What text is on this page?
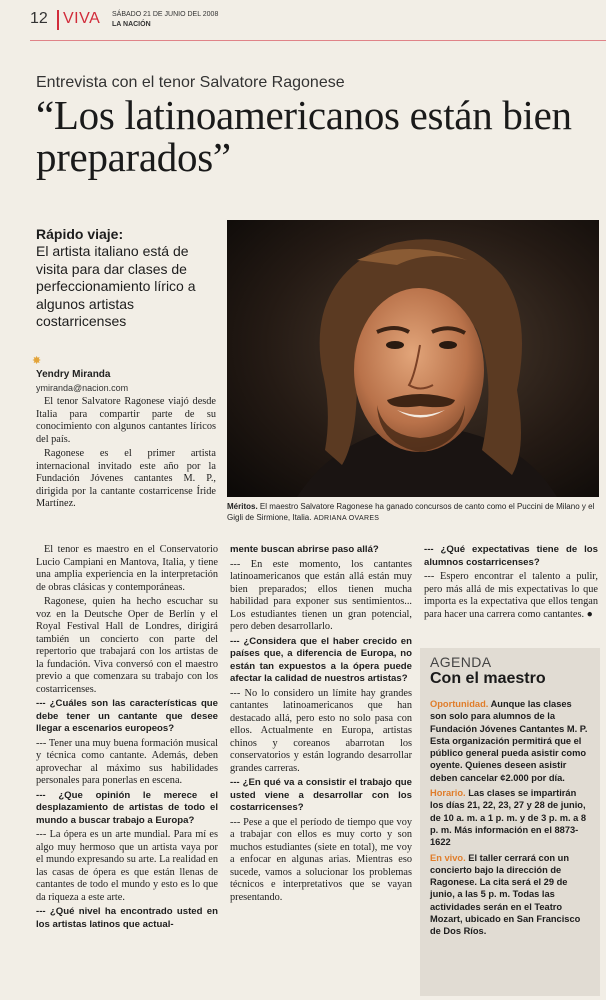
12 VIVA SÁBADO 21 DE JUNIO DEL 2008
LA NACIÓN
Entrevista con el tenor Salvatore Ragonese
“Los latinoamericanos están bien preparados”
Rápido viaje:
El artista italiano está de visita para dar clases de perfeccionamiento lírico a algunos artistas costarricenses
✸
Yendry Miranda
ymiranda@nacion.com
Méritos. El maestro Salvatore Ragonese ha ganado concursos de canto como el Puccini de Milano y el Gigli de Sirmione, Italia. ADRIANA OVARES

El tenor Salvatore Ragonese viajó desde Italia para compartir parte de su conocimiento con algunos cantantes líricos del país.

Ragonese es el primer artista internacional invitado este año por la Fundación Jóvenes cantantes M. P., dirigida por la cantante costarricense Íride Martínez.

El tenor es maestro en el Conservatorio Lucio Campiani en Mantova, Italia, y tiene una amplia experiencia en la interpretación de obras clásicas y contemporáneas.

Ragonese, quien ha hecho escuchar su voz en la Deutsche Oper de Berlín y el Royal Festival Hall de Londres, dirigirá también un concierto con parte del repertorio que trabajará con los artistas de la fundación. Viva conversó con el maestro previo a que comenzara su trabajo con los costarricenses.

--- ¿Cuáles son las características que debe tener un cantante que desee llegar a escenarios europeos?

--- Tener una muy buena formación musical y técnica como cantante. Además, deben aprovechar al máximo sus habilidades personales para ponerlas en escena.

--- ¿Que opinión le merece el desplazamiento de artistas de todo el mundo a buscar trabajo a Europa?

--- La ópera es un arte mundial. Para mí es algo muy hermoso que un artista vaya por el mundo expresando su arte. La realidad en las casas de ópera es que están llenas de cantantes de todo el mundo y esto es lo que da riqueza a este arte.

--- ¿Qué nivel ha encontrado usted en los artistas latinos que actual-

mente buscan abrirse paso allá?

--- En este momento, los cantantes latinoamericanos que están allá están muy bien preparados; ellos tienen mucha habilidad para exponer sus sentimientos... Los estudiantes tienen un gran potencial, pero deben desarrollarlo.

--- ¿Considera que el haber crecido en países que, a diferencia de Europa, no están tan expuestos a la ópera puede afectar la calidad de nuestros artistas?

--- No lo considero un límite hay grandes cantantes latinoamericanos que han destacado allá, pero esto no solo pasa con ellos. Actualmente en Europa, artistas chinos y coreanos abarrotan los conservatorios y están logrando desarrollar grandes carreras.

--- ¿En qué va a consistir el trabajo que usted viene a desarrollar con los costarricenses?

--- Pese a que el período de tiempo que voy a trabajar con ellos es muy corto y son muchos estudiantes (siete en total), me voy a enfocar en algunas arias. Mientras eso sucede, vamos a solucionar los problemas técnicos e interpretativos que se vayan presentando.

--- ¿Qué expectativas tiene de los alumnos costarricenses?

--- Espero encontrar el talento a pulir, pero más allá de mis expectativas lo que importa es la expectativa que ellos tengan para hacer una carrera como cantantes. ●

AGENDA
Con el maestro
Oportunidad. Aunque las clases son solo para alumnos de la Fundación Jóvenes Cantantes M. P. Esta organización permitirá que el público general pueda asistir como oyente. Quienes deseen asistir deben cancelar ¢2.000 por día.
Horario. Las clases se impartirán los días 21, 22, 23, 27 y 28 de junio, de 10 a. m. a 1 p. m. y de 3 p. m. a 8 p. m. Más información en el 8873- 1622
En vivo. El taller cerrará con un concierto bajo la dirección de Ragonese. La cita será el 29 de junio, a las 5 p. m. Todas las actividades serán en el Teatro Mozart, ubicado en San Francisco de Dos Ríos.
